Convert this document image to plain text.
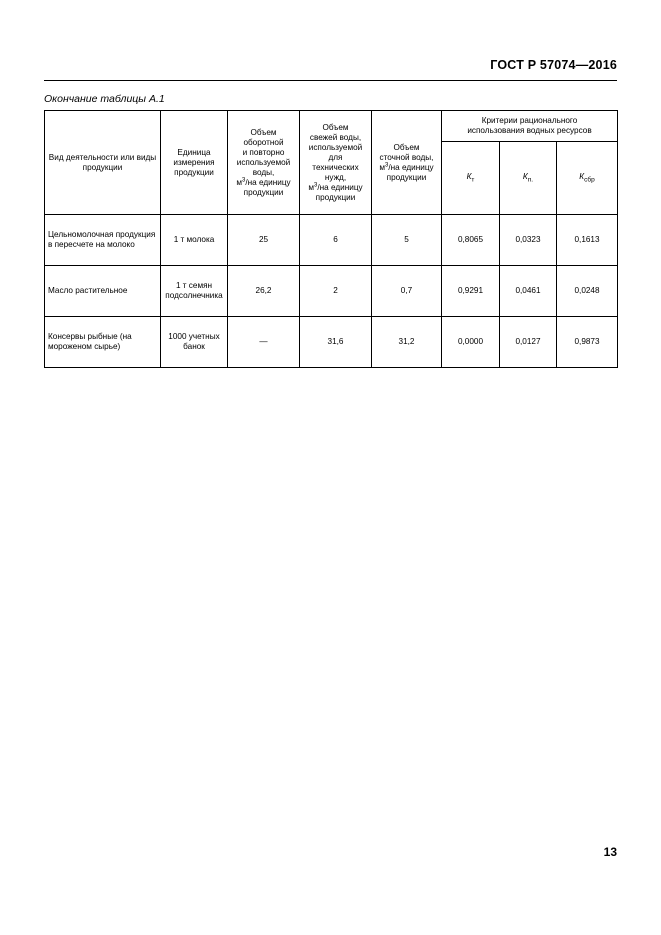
ГОСТ Р 57074—2016
Окончание таблицы А.1
Вид деятельности или виды продукции	Единица измерения продукции	Объем
оборотной
и повторно
используемой
воды,
$м^3/на$ единицу
продукции	Объем
свежей воды,
используемой
для
технических
нужд,
$м^3/на$ единицу
продукции	Объем
сточной воды,
$м^3/на$ единицу
продукции	Критерии рационального
использования водных ресурсов
					$К_т$	$К_{п.}$	$К_{сбр}$
Цельномолочная продукция в пересчете на молоко	1 т молока	25	6	5	0,8065	0,0323	0,1613
Масло растительное	1 т семян подсолнечника	26,2	2	0,7	0,9291	0,0461	0,0248
Консервы рыбные (на мороженом сырье)	1000 учетных банок	—	31,6	31,2	0,0000	0,0127	0,9873
13
